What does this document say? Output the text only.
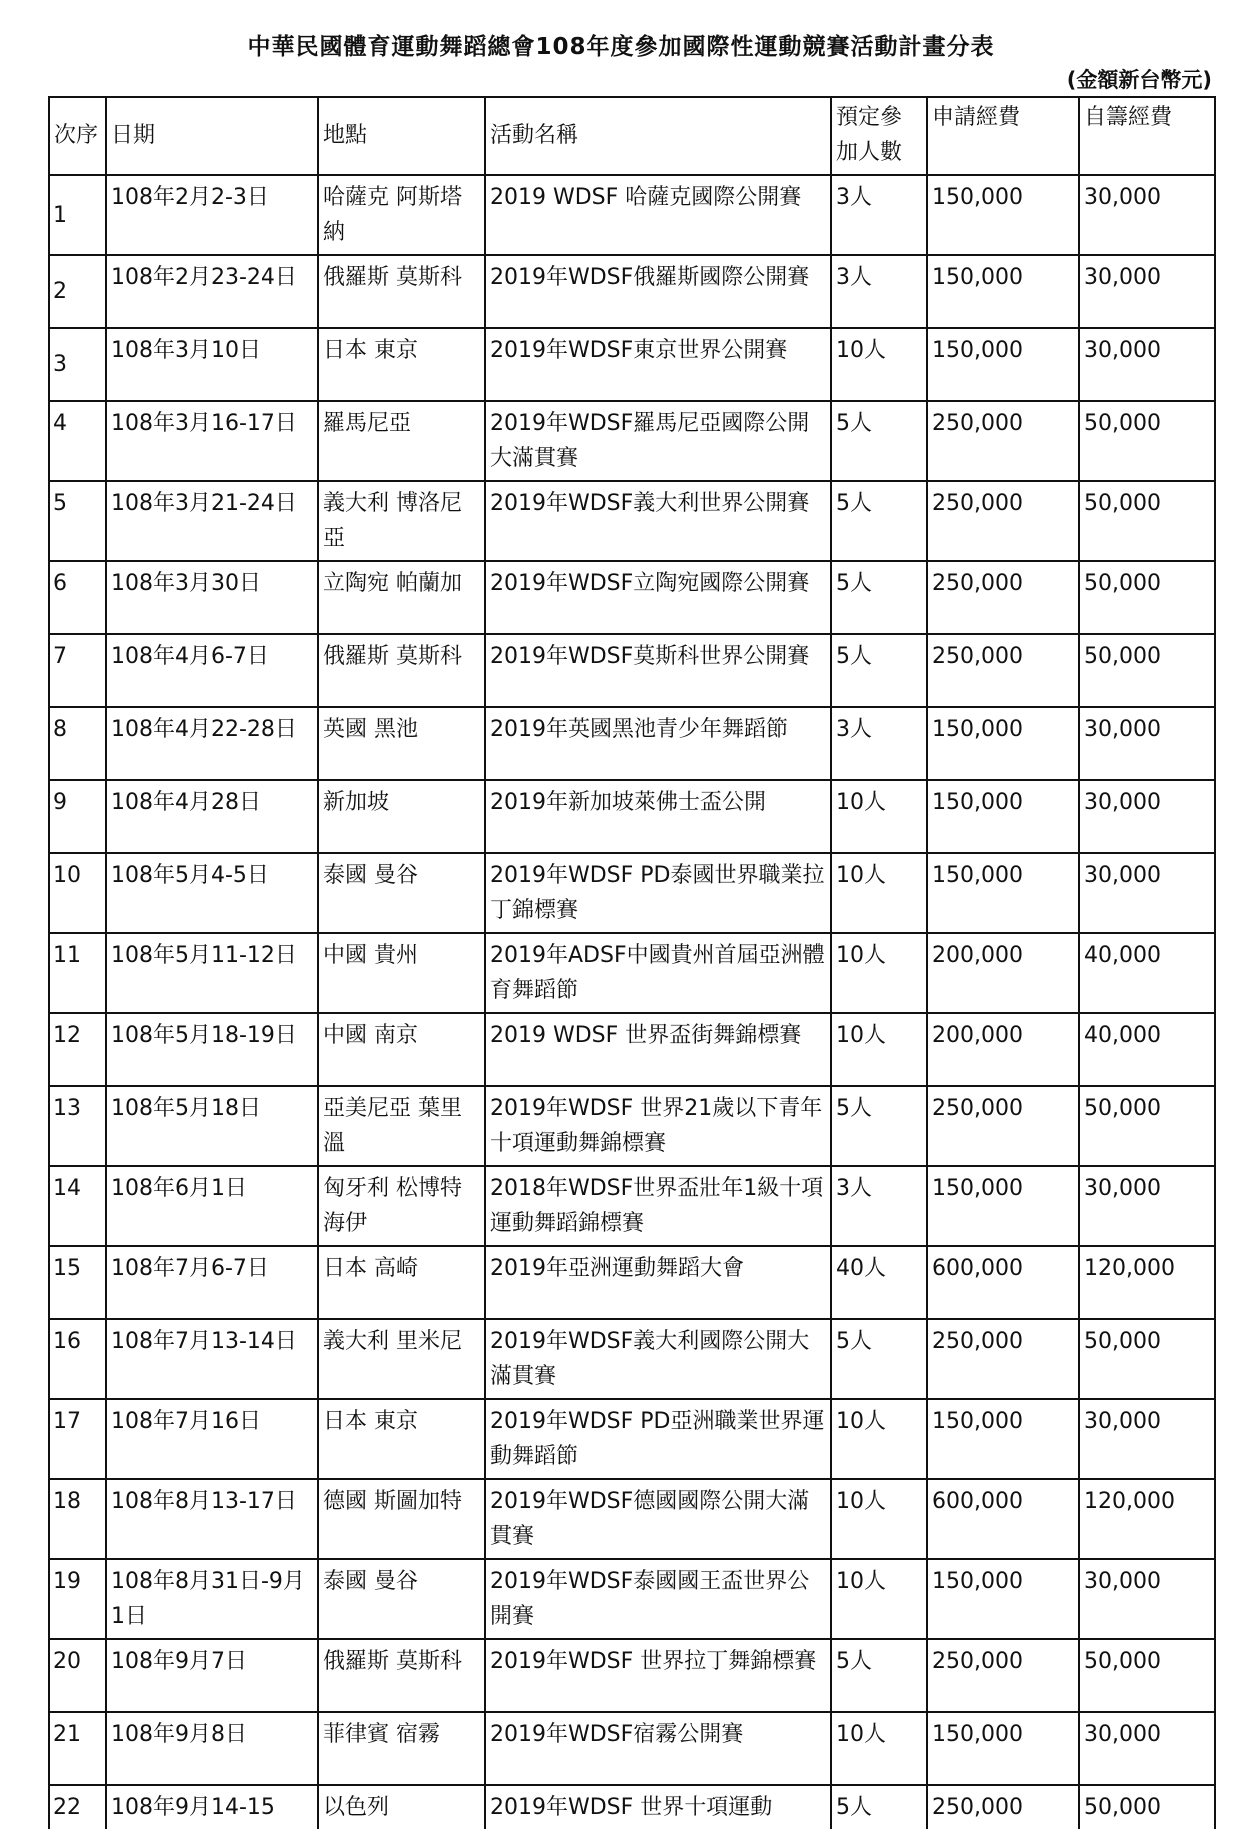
中華民國體育運動舞蹈總會108年度參加國際性運動競賽活動計畫分表
(金額新台幣元)
次序	日期	地點	活動名稱	預定參加人數	申請經費	自籌經費
1	108年2月2-3日	哈薩克 阿斯塔納	2019 WDSF 哈薩克國際公開賽	3人	150,000	30,000
2	108年2月23-24日	俄羅斯 莫斯科	2019年WDSF俄羅斯國際公開賽	3人	150,000	30,000
3	108年3月10日	日本 東京	2019年WDSF東京世界公開賽	10人	150,000	30,000
4	108年3月16-17日	羅馬尼亞	2019年WDSF羅馬尼亞國際公開大滿貫賽	5人	250,000	50,000
5	108年3月21-24日	義大利 博洛尼亞	2019年WDSF義大利世界公開賽	5人	250,000	50,000
6	108年3月30日	立陶宛 帕蘭加	2019年WDSF立陶宛國際公開賽	5人	250,000	50,000
7	108年4月6-7日	俄羅斯 莫斯科	2019年WDSF莫斯科世界公開賽	5人	250,000	50,000
8	108年4月22-28日	英國 黑池	2019年英國黑池青少年舞蹈節	3人	150,000	30,000
9	108年4月28日	新加坡	2019年新加坡萊佛士盃公開	10人	150,000	30,000
10	108年5月4-5日	泰國 曼谷	2019年WDSF PD泰國世界職業拉丁錦標賽	10人	150,000	30,000
11	108年5月11-12日	中國 貴州	2019年ADSF中國貴州首屆亞洲體育舞蹈節	10人	200,000	40,000
12	108年5月18-19日	中國 南京	2019 WDSF 世界盃街舞錦標賽	10人	200,000	40,000
13	108年5月18日	亞美尼亞 葉里溫	2019年WDSF 世界21歲以下青年十項運動舞錦標賽	5人	250,000	50,000
14	108年6月1日	匈牙利 松博特海伊	2018年WDSF世界盃壯年1級十項運動舞蹈錦標賽	3人	150,000	30,000
15	108年7月6-7日	日本 高崎	2019年亞洲運動舞蹈大會	40人	600,000	120,000
16	108年7月13-14日	義大利 里米尼	2019年WDSF義大利國際公開大滿貫賽	5人	250,000	50,000
17	108年7月16日	日本 東京	2019年WDSF PD亞洲職業世界運動舞蹈節	10人	150,000	30,000
18	108年8月13-17日	德國 斯圖加特	2019年WDSF德國國際公開大滿貫賽	10人	600,000	120,000
19	108年8月31日-9月1日	泰國 曼谷	2019年WDSF泰國國王盃世界公開賽	10人	150,000	30,000
20	108年9月7日	俄羅斯 莫斯科	2019年WDSF 世界拉丁舞錦標賽	5人	250,000	50,000
21	108年9月8日	菲律賓 宿霧	2019年WDSF宿霧公開賽	10人	150,000	30,000
22	108年9月14-15	以色列	2019年WDSF 世界十項運動	5人	250,000	50,000
